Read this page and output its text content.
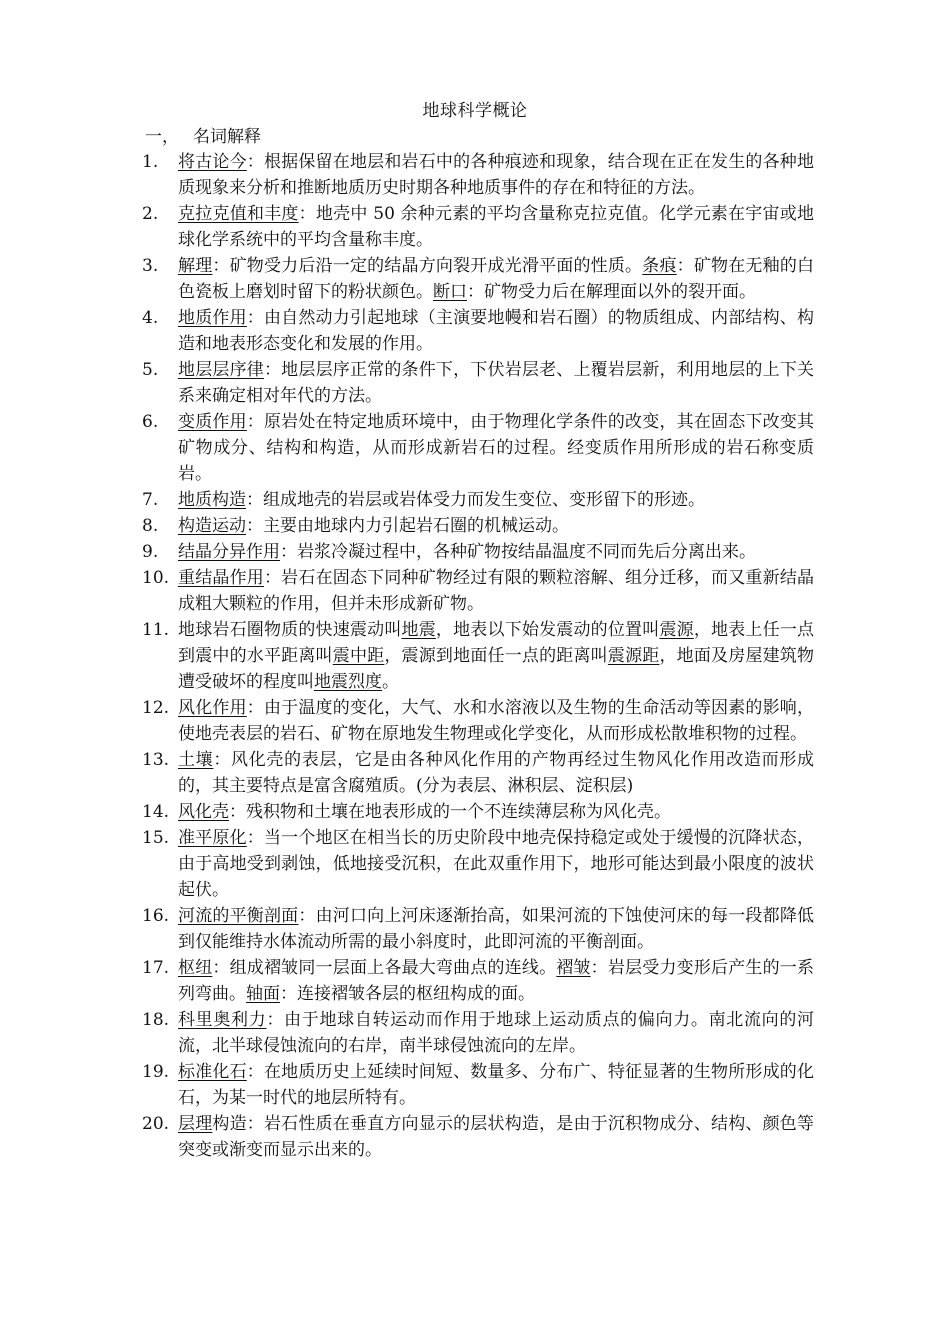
地球科学概论
一， 名词解释
1. 将古论今：根据保留在地层和岩石中的各种痕迹和现象，结合现在正在发生的各种地质现象来分析和推断地质历史时期各种地质事件的存在和特征的方法。
2. 克拉克值和丰度：地壳中 50 余种元素的平均含量称克拉克值。化学元素在宇宙或地球化学系统中的平均含量称丰度。
3. 解理：矿物受力后沿一定的结晶方向裂开成光滑平面的性质。条痕：矿物在无釉的白色瓷板上磨划时留下的粉状颜色。断口：矿物受力后在解理面以外的裂开面。
4. 地质作用：由自然动力引起地球（主演要地幔和岩石圈）的物质组成、内部结构、构造和地表形态变化和发展的作用。
5. 地层层序律：地层层序正常的条件下，下伏岩层老、上覆岩层新，利用地层的上下关系来确定相对年代的方法。
6. 变质作用：原岩处在特定地质环境中，由于物理化学条件的改变，其在固态下改变其矿物成分、结构和构造，从而形成新岩石的过程。经变质作用所形成的岩石称变质岩。
7. 地质构造：组成地壳的岩层或岩体受力而发生变位、变形留下的形迹。
8. 构造运动：主要由地球内力引起岩石圈的机械运动。
9. 结晶分异作用：岩浆冷凝过程中，各种矿物按结晶温度不同而先后分离出来。
10. 重结晶作用：岩石在固态下同种矿物经过有限的颗粒溶解、组分迁移，而又重新结晶成粗大颗粒的作用，但并未形成新矿物。
11. 地球岩石圈物质的快速震动叫地震，地表以下始发震动的位置叫震源，地表上任一点到震中的水平距离叫震中距，震源到地面任一点的距离叫震源距，地面及房屋建筑物遭受破坏的程度叫地震烈度。
12. 风化作用：由于温度的变化，大气、水和水溶液以及生物的生命活动等因素的影响，使地壳表层的岩石、矿物在原地发生物理或化学变化，从而形成松散堆积物的过程。
13. 土壤：风化壳的表层，它是由各种风化作用的产物再经过生物风化作用改造而形成的，其主要特点是富含腐殖质。(分为表层、淋积层、淀积层)
14. 风化壳：残积物和土壤在地表形成的一个不连续薄层称为风化壳。
15. 准平原化：当一个地区在相当长的历史阶段中地壳保持稳定或处于缓慢的沉降状态，由于高地受到剥蚀，低地接受沉积，在此双重作用下，地形可能达到最小限度的波状起伏。
16. 河流的平衡剖面：由河口向上河床逐渐抬高，如果河流的下蚀使河床的每一段都降低到仅能维持水体流动所需的最小斜度时，此即河流的平衡剖面。
17. 枢纽：组成褶皱同一层面上各最大弯曲点的连线。褶皱：岩层受力变形后产生的一系列弯曲。轴面：连接褶皱各层的枢纽构成的面。
18. 科里奥利力：由于地球自转运动而作用于地球上运动质点的偏向力。南北流向的河流，北半球侵蚀流向的右岸，南半球侵蚀流向的左岸。
19. 标准化石：在地质历史上延续时间短、数量多、分布广、特征显著的生物所形成的化石，为某一时代的地层所特有。
20. 层理构造：岩石性质在垂直方向显示的层状构造，是由于沉积物成分、结构、颜色等突变或渐变而显示出来的。
